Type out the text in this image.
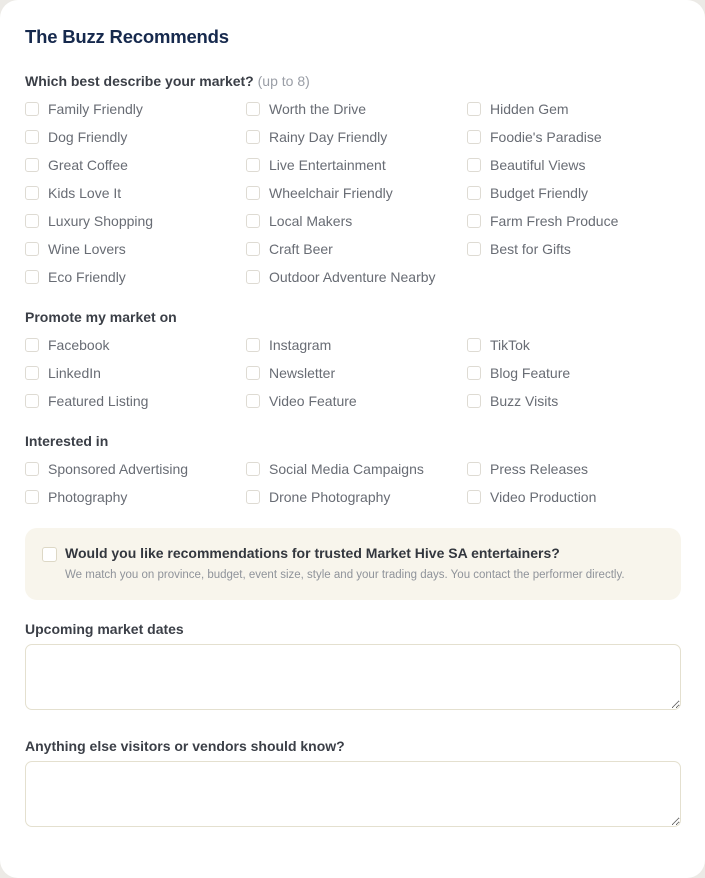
The Buzz Recommends
Which best describe your market? (up to 8)
Family Friendly	Worth the Drive	Hidden Gem
Dog Friendly	Rainy Day Friendly	Foodie's Paradise
Great Coffee	Live Entertainment	Beautiful Views
Kids Love It	Wheelchair Friendly	Budget Friendly
Luxury Shopping	Local Makers	Farm Fresh Produce
Wine Lovers	Craft Beer	Best for Gifts
Eco Friendly	Outdoor Adventure Nearby
Promote my market on
Facebook	Instagram	TikTok
LinkedIn	Newsletter	Blog Feature
Featured Listing	Video Feature	Buzz Visits
Interested in
Sponsored Advertising	Social Media Campaigns	Press Releases
Photography	Drone Photography	Video Production
Would you like recommendations for trusted Market Hive SA entertainers?
We match you on province, budget, event size, style and your trading days. You contact the performer directly.
Upcoming market dates
Anything else visitors or vendors should know?
